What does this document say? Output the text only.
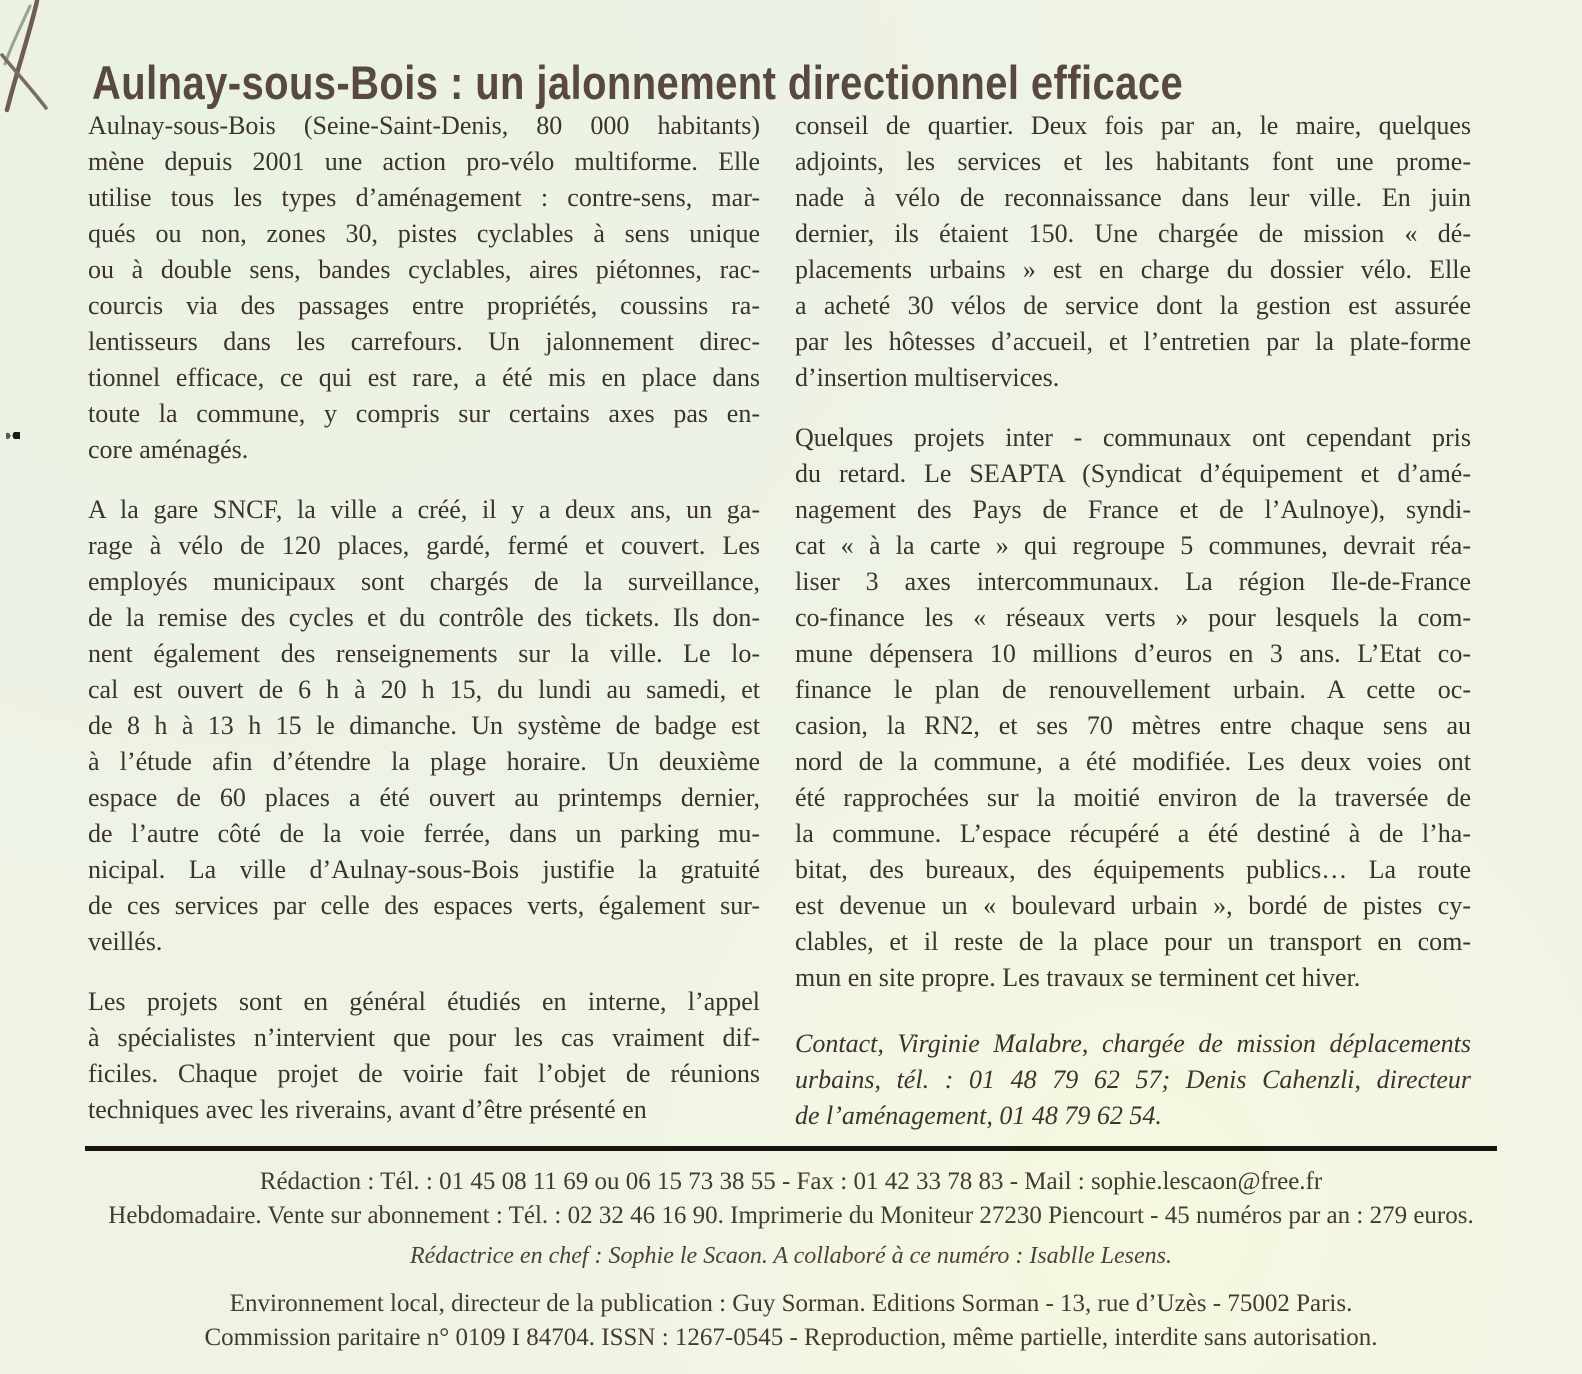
Aulnay-sous-Bois : un jalonnement directionnel efficace
Aulnay-sous-Bois (Seine-Saint-Denis, 80 000 habitants)
mène depuis 2001 une action pro-vélo multiforme. Elle
utilise tous les types d’aménagement : contre-sens, mar-
qués ou non, zones 30, pistes cyclables à sens unique
ou à double sens, bandes cyclables, aires piétonnes, rac-
courcis via des passages entre propriétés, coussins ra-
lentisseurs dans les carrefours. Un jalonnement direc-
tionnel efficace, ce qui est rare, a été mis en place dans
toute la commune, y compris sur certains axes pas en-
core aménagés.
A la gare SNCF, la ville a créé, il y a deux ans, un ga-
rage à vélo de 120 places, gardé, fermé et couvert. Les
employés municipaux sont chargés de la surveillance,
de la remise des cycles et du contrôle des tickets. Ils don-
nent également des renseignements sur la ville. Le lo-
cal est ouvert de 6 h à 20 h 15, du lundi au samedi, et
de 8 h à 13 h 15 le dimanche. Un système de badge est
à l’étude afin d’étendre la plage horaire. Un deuxième
espace de 60 places a été ouvert au printemps dernier,
de l’autre côté de la voie ferrée, dans un parking mu-
nicipal. La ville d’Aulnay-sous-Bois justifie la gratuité
de ces services par celle des espaces verts, également sur-
veillés.
Les projets sont en général étudiés en interne, l’appel
à spécialistes n’intervient que pour les cas vraiment dif-
ficiles. Chaque projet de voirie fait l’objet de réunions
techniques avec les riverains, avant d’être présenté en
conseil de quartier. Deux fois par an, le maire, quelques
adjoints, les services et les habitants font une prome-
nade à vélo de reconnaissance dans leur ville. En juin
dernier, ils étaient 150. Une chargée de mission « dé-
placements urbains » est en charge du dossier vélo. Elle
a acheté 30 vélos de service dont la gestion est assurée
par les hôtesses d’accueil, et l’entretien par la plate-forme
d’insertion multiservices.
Quelques projets inter - communaux ont cependant pris
du retard. Le SEAPTA (Syndicat d’équipement et d’amé-
nagement des Pays de France et de l’Aulnoye), syndi-
cat « à la carte » qui regroupe 5 communes, devrait réa-
liser 3 axes intercommunaux. La région Ile-de-France
co-finance les « réseaux verts » pour lesquels la com-
mune dépensera 10 millions d’euros en 3 ans. L’Etat co-
finance le plan de renouvellement urbain. A cette oc-
casion, la RN2, et ses 70 mètres entre chaque sens au
nord de la commune, a été modifiée. Les deux voies ont
été rapprochées sur la moitié environ de la traversée de
la commune. L’espace récupéré a été destiné à de l’ha-
bitat, des bureaux, des équipements publics… La route
est devenue un « boulevard urbain », bordé de pistes cy-
clables, et il reste de la place pour un transport en com-
mun en site propre. Les travaux se terminent cet hiver.
Contact, Virginie Malabre, chargée de mission déplacements
urbains, tél. : 01 48 79 62 57; Denis Cahenzli, directeur
de l’aménagement, 01 48 79 62 54.
Rédaction : Tél. : 01 45 08 11 69 ou 06 15 73 38 55 - Fax : 01 42 33 78 83 - Mail : sophie.lescaon@free.fr
Hebdomadaire. Vente sur abonnement : Tél. : 02 32 46 16 90. Imprimerie du Moniteur 27230 Piencourt - 45 numéros par an : 279 euros.
Rédactrice en chef : Sophie le Scaon. A collaboré à ce numéro : Isablle Lesens.
Environnement local, directeur de la publication : Guy Sorman. Editions Sorman - 13, rue d’Uzès - 75002 Paris.
Commission paritaire n° 0109 I 84704. ISSN : 1267-0545 - Reproduction, même partielle, interdite sans autorisation.
